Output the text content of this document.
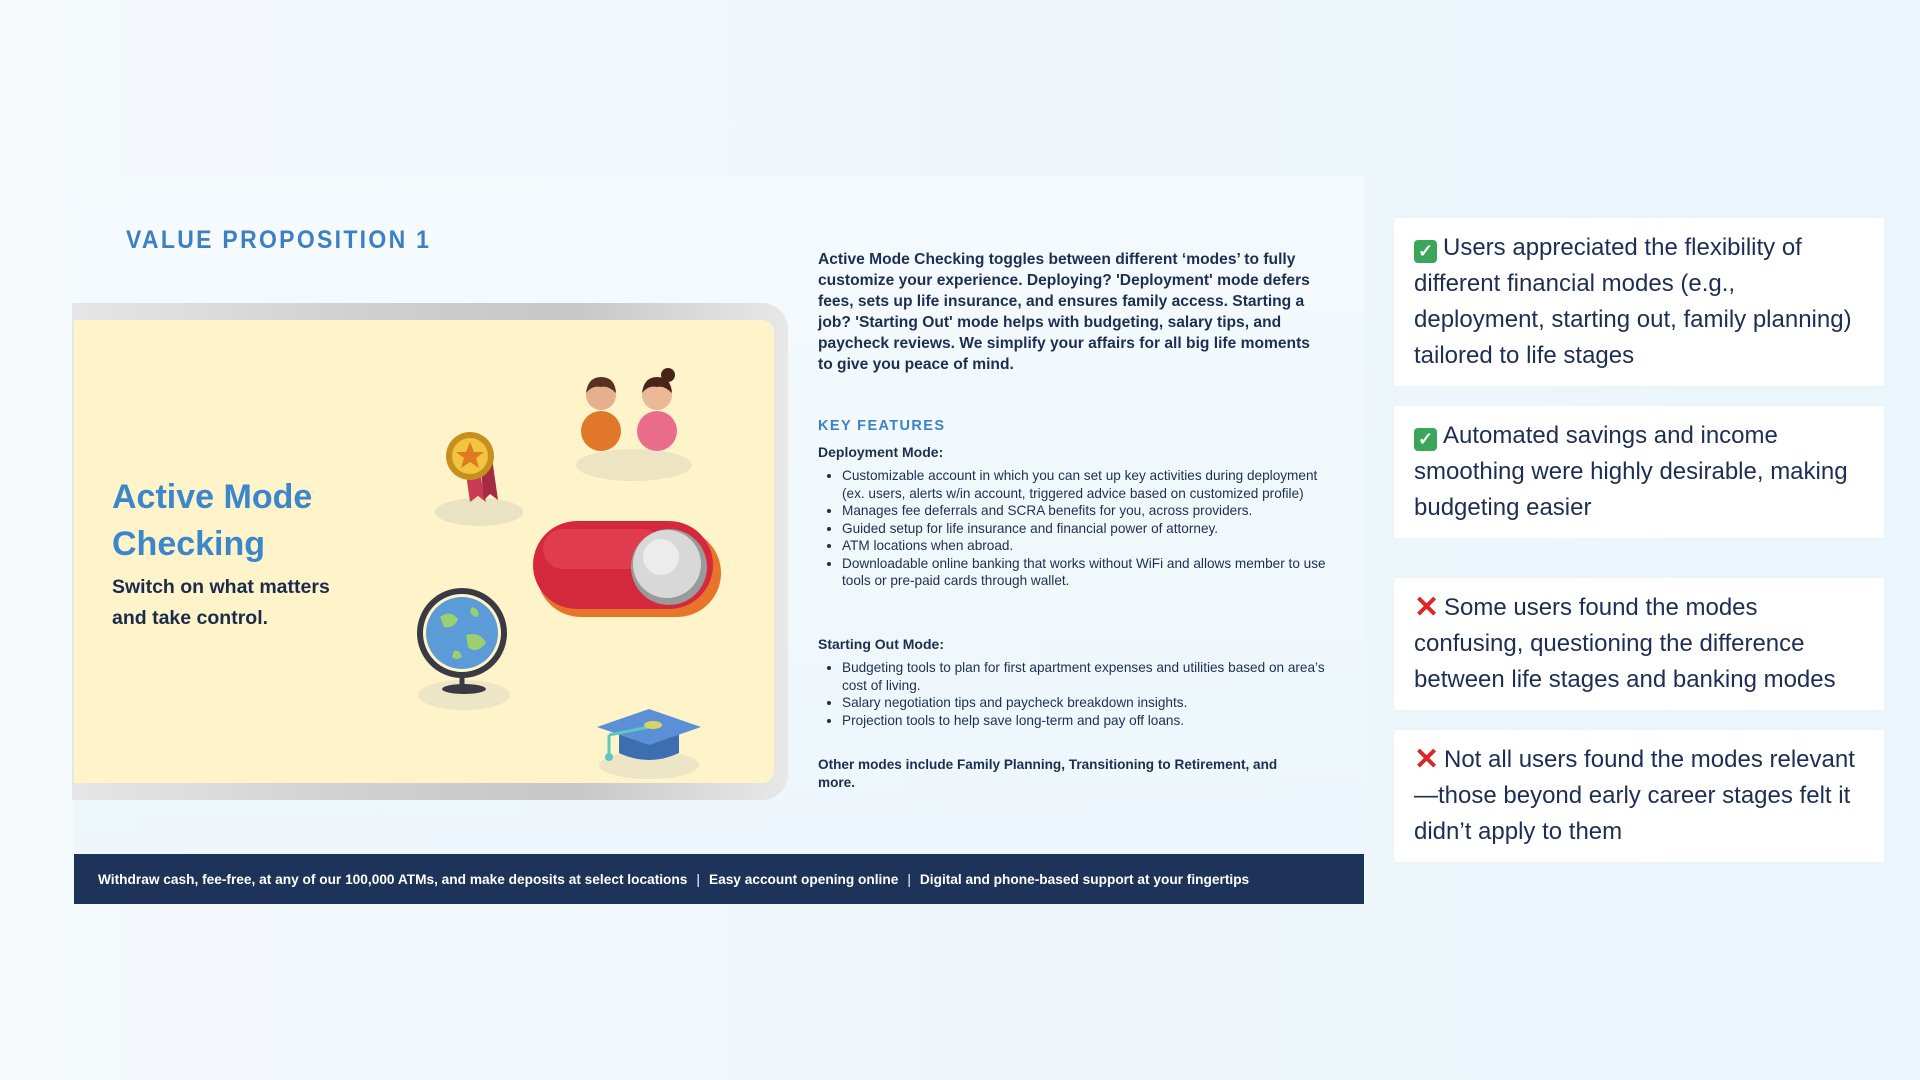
VALUE PROPOSITION 1
Active Mode
Checking
Switch on what matters
and take control.
Active Mode Checking toggles between different ‘modes’ to fully customize your experience. Deploying? 'Deployment' mode defers fees, sets up life insurance, and ensures family access. Starting a job? 'Starting Out' mode helps with budgeting, salary tips, and paycheck reviews. We simplify your affairs for all big life moments to give you peace of mind.
KEY FEATURES
Deployment Mode:
• Customizable account in which you can set up key activities during deployment (ex. users, alerts w/in account, triggered advice based on customized profile)
• Manages fee deferrals and SCRA benefits for you, across providers.
• Guided setup for life insurance and financial power of attorney.
• ATM locations when abroad.
• Downloadable online banking that works without WiFi and allows member to use tools or pre-paid cards through wallet.
Starting Out Mode:
• Budgeting tools to plan for first apartment expenses and utilities based on area’s cost of living.
• Salary negotiation tips and paycheck breakdown insights.
• Projection tools to help save long-term and pay off loans.
Other modes include Family Planning, Transitioning to Retirement, and more.
Withdraw cash, fee-free, at any of our 100,000 ATMs, and make deposits at select locations | Easy account opening online | Digital and phone-based support at your fingertips
✓ Users appreciated the flexibility of different financial modes (e.g., deployment, starting out, family planning) tailored to life stages
✓ Automated savings and income smoothing were highly desirable, making budgeting easier
✕ Some users found the modes confusing, questioning the difference between life stages and banking modes
✕ Not all users found the modes relevant—those beyond early career stages felt it didn’t apply to them
